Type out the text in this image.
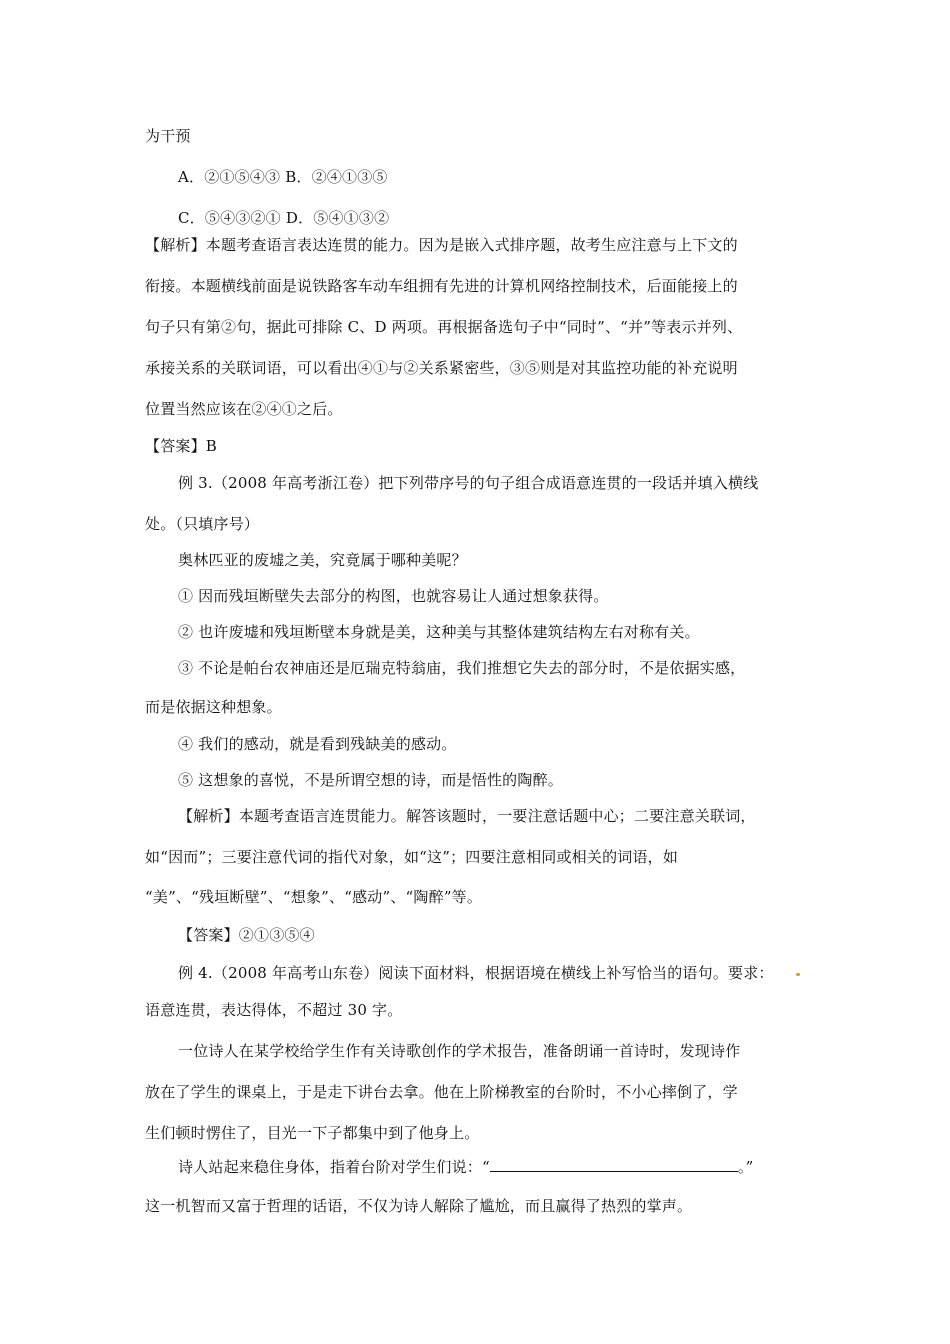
为干预
A．②①⑤④③ B．②④①③⑤
C．⑤④③②① D．⑤④①③②
【解析】本题考查语言表达连贯的能力。因为是嵌入式排序题，故考生应注意与上下文的
衔接。本题横线前面是说铁路客车动车组拥有先进的计算机网络控制技术，后面能接上的
句子只有第②句，据此可排除 C、D 两项。再根据备选句子中“同时”、“并”等表示并列、
承接关系的关联词语，可以看出④①与②关系紧密些，③⑤则是对其监控功能的补充说明
位置当然应该在②④①之后。
【答案】B
例 3.（2008 年高考浙江卷）把下列带序号的句子组合成语意连贯的一段话并填入横线
处。（只填序号）
奥林匹亚的废墟之美，究竟属于哪种美呢？
① 因而残垣断壁失去部分的构图，也就容易让人通过想象获得。
② 也许废墟和残垣断壁本身就是美，这种美与其整体建筑结构左右对称有关。
③ 不论是帕台农神庙还是厄瑞克特翁庙，我们推想它失去的部分时，不是依据实感，
而是依据这种想象。
④ 我们的感动，就是看到残缺美的感动。
⑤ 这想象的喜悦，不是所谓空想的诗，而是悟性的陶醉。
【解析】本题考查语言连贯能力。解答该题时，一要注意话题中心；二要注意关联词，
如“因而”；三要注意代词的指代对象，如“这”；四要注意相同或相关的词语，如
“美”、“残垣断壁”、“想象”、“感动”、“陶醉”等。
【答案】②①③⑤④
例 4.（2008 年高考山东卷）阅读下面材料，根据语境在横线上补写恰当的语句。要求：
语意连贯，表达得体，不超过 30 字。
一位诗人在某学校给学生作有关诗歌创作的学术报告，准备朗诵一首诗时，发现诗作
放在了学生的课桌上，于是走下讲台去拿。他在上阶梯教室的台阶时，不小心摔倒了，学
生们顿时愣住了，目光一下子都集中到了他身上。
诗人站起来稳住身体，指着台阶对学生们说：“	。”
这一机智而又富于哲理的话语，不仅为诗人解除了尴尬，而且赢得了热烈的掌声。
